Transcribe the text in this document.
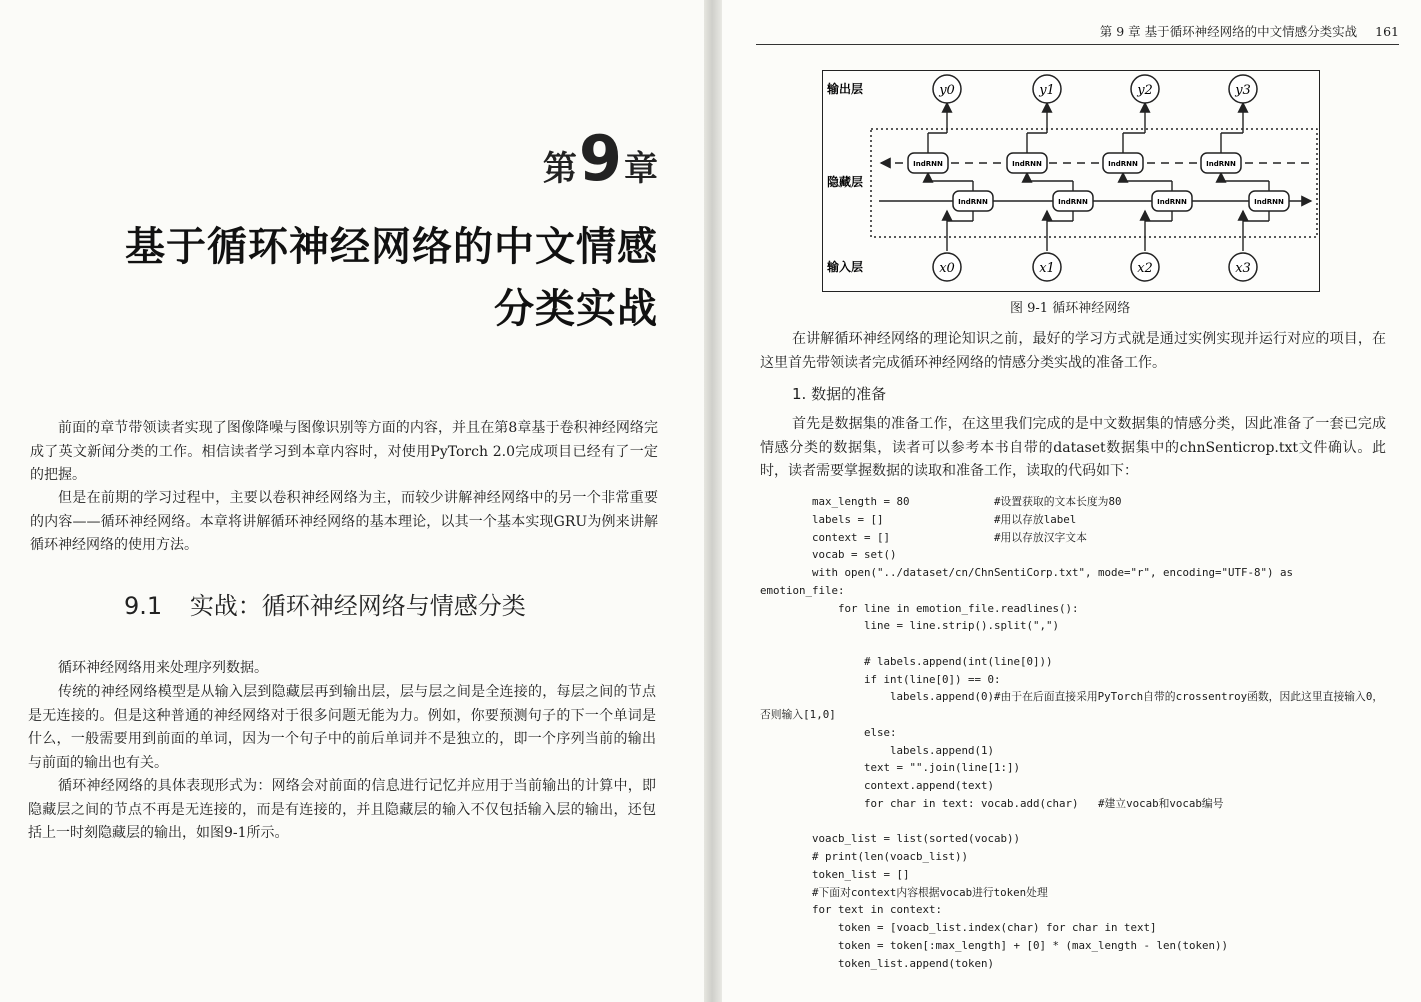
第 9 章
基于循环神经网络的中文情感
分类实战

前面的章节带领读者实现了图像降噪与图像识别等方面的内容，并且在第8章基于卷积神经网络完成了英文新闻分类的工作。相信读者学习到本章内容时，对使用PyTorch 2.0完成项目已经有了一定的把握。

但是在前期的学习过程中，主要以卷积神经网络为主，而较少讲解神经网络中的另一个非常重要的内容——循环神经网络。本章将讲解循环神经网络的基本理论，以其一个基本实现GRU为例来讲解循环神经网络的使用方法。

9.1 实战：循环神经网络与情感分类

循环神经网络用来处理序列数据。

传统的神经网络模型是从输入层到隐藏层再到输出层，层与层之间是全连接的，每层之间的节点是无连接的。但是这种普通的神经网络对于很多问题无能为力。例如，你要预测句子的下一个单词是什么，一般需要用到前面的单词，因为一个句子中的前后单词并不是独立的，即一个序列当前的输出与前面的输出也有关。

循环神经网络的具体表现形式为：网络会对前面的信息进行记忆并应用于当前输出的计算中，即隐藏层之间的节点不再是无连接的，而是有连接的，并且隐藏层的输入不仅包括输入层的输出，还包括上一时刻隐藏层的输出，如图9-1所示。

第 9 章 基于循环神经网络的中文情感分类实战 161
输出层
隐藏层
输入层
IndRNN
IndRNN
y0
x0
IndRNN
IndRNN
y1
x1
IndRNN
IndRNN
y2
x2
IndRNN
IndRNN
y3
x3
图 9-1 循环神经网络

在讲解循环神经网络的理论知识之前，最好的学习方式就是通过实例实现并运行对应的项目，在这里首先带领读者完成循环神经网络的情感分类实战的准备工作。

1. 数据的准备

首先是数据集的准备工作，在这里我们完成的是中文数据集的情感分类，因此准备了一套已完成情感分类的数据集，读者可以参考本书自带的dataset数据集中的chnSenticrop.txt文件确认。此时，读者需要掌握数据的读取和准备工作，读取的代码如下：

max_length = 80             #设置获取的文本长度为80
labels = []                 #用以存放label
context = []                #用以存放汉字文本
vocab = set()
with open("../dataset/cn/ChnSentiCorp.txt", mode="r", encoding="UTF-8") as
emotion_file:
for line in emotion_file.readlines():
line = line.strip().split(",")

# labels.append(int(line[0]))
if int(line[0]) == 0:
labels.append(0)#由于在后面直接采用PyTorch自带的crossentroy函数，因此这里直接输入0，
否则输入[1,0]
else:
labels.append(1)
text = "".join(line[1:])
context.append(text)
for char in text: vocab.add(char)   #建立vocab和vocab编号

voacb_list = list(sorted(vocab))
# print(len(voacb_list))
token_list = []
#下面对context内容根据vocab进行token处理
for text in context:
token = [voacb_list.index(char) for char in text]
token = token[:max_length] + [0] * (max_length - len(token))
token_list.append(token)
